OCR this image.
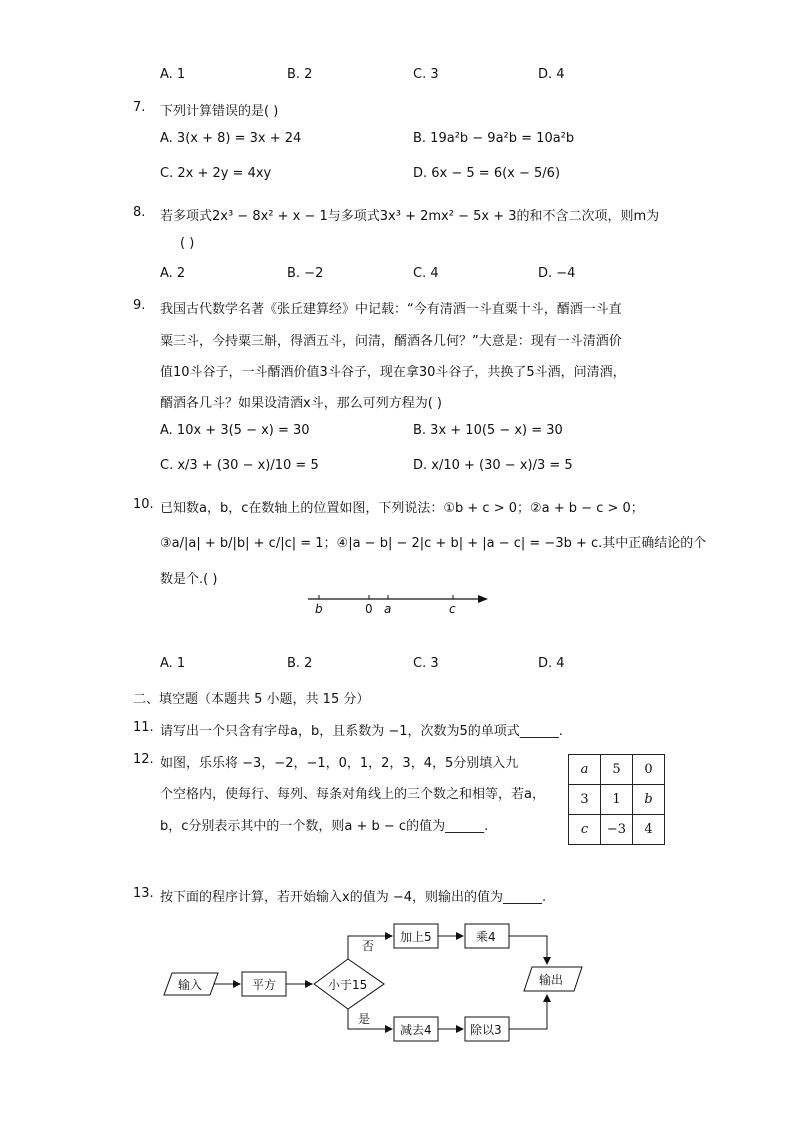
A. 1	B. 2	C. 3	D. 4
7. 下列计算错误的是( )
A. 3(x + 8) = 3x + 24	B. 19a²b − 9a²b = 10a²b
C. 2x + 2y = 4xy	D. 6x − 5 = 6(x − 5/6)
8. 若多项式2x³ − 8x² + x − 1与多项式3x³ + 2mx² − 5x + 3的和不含二次项，则m为
( )
A. 2	B. −2	C. 4	D. −4
9. 我国古代数学名著《张丘建算经》中记载：“今有清酒一斗直粟十斗，醑酒一斗直
粟三斗，今持粟三斛，得酒五斗，问清，醑酒各几何？”大意是：现有一斗清酒价
值10斗谷子，一斗醑酒价值3斗谷子，现在拿30斗谷子，共换了5斗酒，问清酒，
醑酒各几斗？如果设清酒x斗，那么可列方程为( )
A. 10x + 3(5 − x) = 30	B. 3x + 10(5 − x) = 30
C. x/3 + (30 − x)/10 = 5	D. x/10 + (30 − x)/3 = 5
10. 已知数a，b，c在数轴上的位置如图，下列说法：①b + c > 0；②a + b − c > 0；
③a/|a| + b/|b| + c/|c| = 1；④|a − b| − 2|c + b| + |a − c| = −3b + c.其中正确结论的个
数是个.( )
b	0 a	c
A. 1	B. 2	C. 3	D. 4
二、填空题（本题共 5 小题，共 15 分）
11. 请写出一个只含有字母a，b，且系数为 −1，次数为5的单项式______.
12. 如图，乐乐将 −3，−2，−1，0，1，2，3，4，5分别填入九
个空格内，使每行、每列、每条对角线上的三个数之和相等，若a，
b，c分别表示其中的一个数，则a + b − c的值为______.
a	5	0
3	1	b
c	−3	4
13. 按下面的程序计算，若开始输入x的值为 −4，则输出的值为______.
输入	平方	小于15
否
加上5	乘4
是
减去4	除以3
输出
